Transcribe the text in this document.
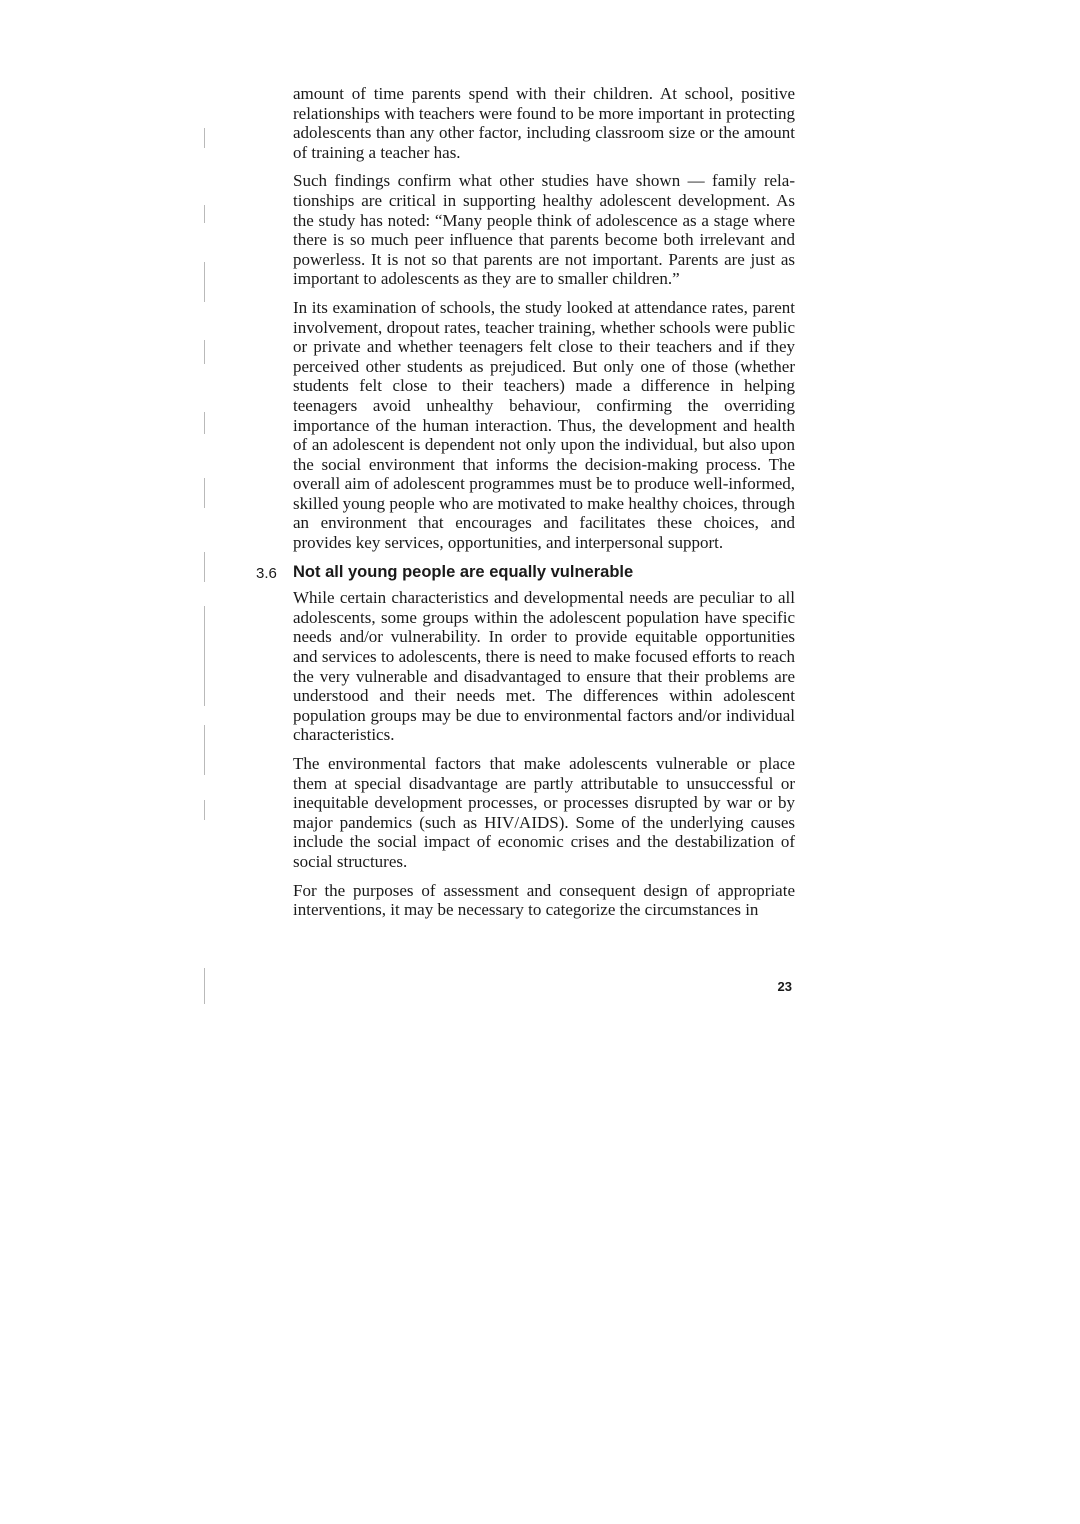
amount of time parents spend with their children. At school, positive relationships with teachers were found to be more important in protecting adolescents than any other factor, including classroom size or the amount of training a teacher has.

Such findings confirm what other studies have shown — family relationships are critical in supporting healthy adolescent development. As the study has noted: “Many people think of adolescence as a stage where there is so much peer influence that parents become both irrelevant and powerless. It is not so that parents are not important. Parents are just as important to adolescents as they are to smaller children.”

In its examination of schools, the study looked at attendance rates, parent involvement, dropout rates, teacher training, whether schools were public or private and whether teenagers felt close to their teachers and if they perceived other students as prejudiced. But only one of those (whether students felt close to their teachers) made a difference in helping teenagers avoid unhealthy behaviour, confirming the overriding importance of the human interaction. Thus, the development and health of an adolescent is dependent not only upon the individual, but also upon the social environment that informs the decision-making process. The overall aim of adolescent programmes must be to produce well-informed, skilled young people who are motivated to make healthy choices, through an environment that encourages and facilitates these choices, and provides key services, opportunities, and interpersonal support.

3.6 Not all young people are equally vulnerable

While certain characteristics and developmental needs are peculiar to all adolescents, some groups within the adolescent population have specific needs and/or vulnerability. In order to provide equitable opportunities and services to adolescents, there is need to make focused efforts to reach the very vulnerable and disadvantaged to ensure that their problems are understood and their needs met. The differences within adolescent population groups may be due to environmental factors and/or individual characteristics.

The environmental factors that make adolescents vulnerable or place them at special disadvantage are partly attributable to unsuccessful or inequitable development processes, or processes disrupted by war or by major pandemics (such as HIV/AIDS). Some of the underlying causes include the social impact of economic crises and the destabilization of social structures.

For the purposes of assessment and consequent design of appropriate interventions, it may be necessary to categorize the circumstances in

23
